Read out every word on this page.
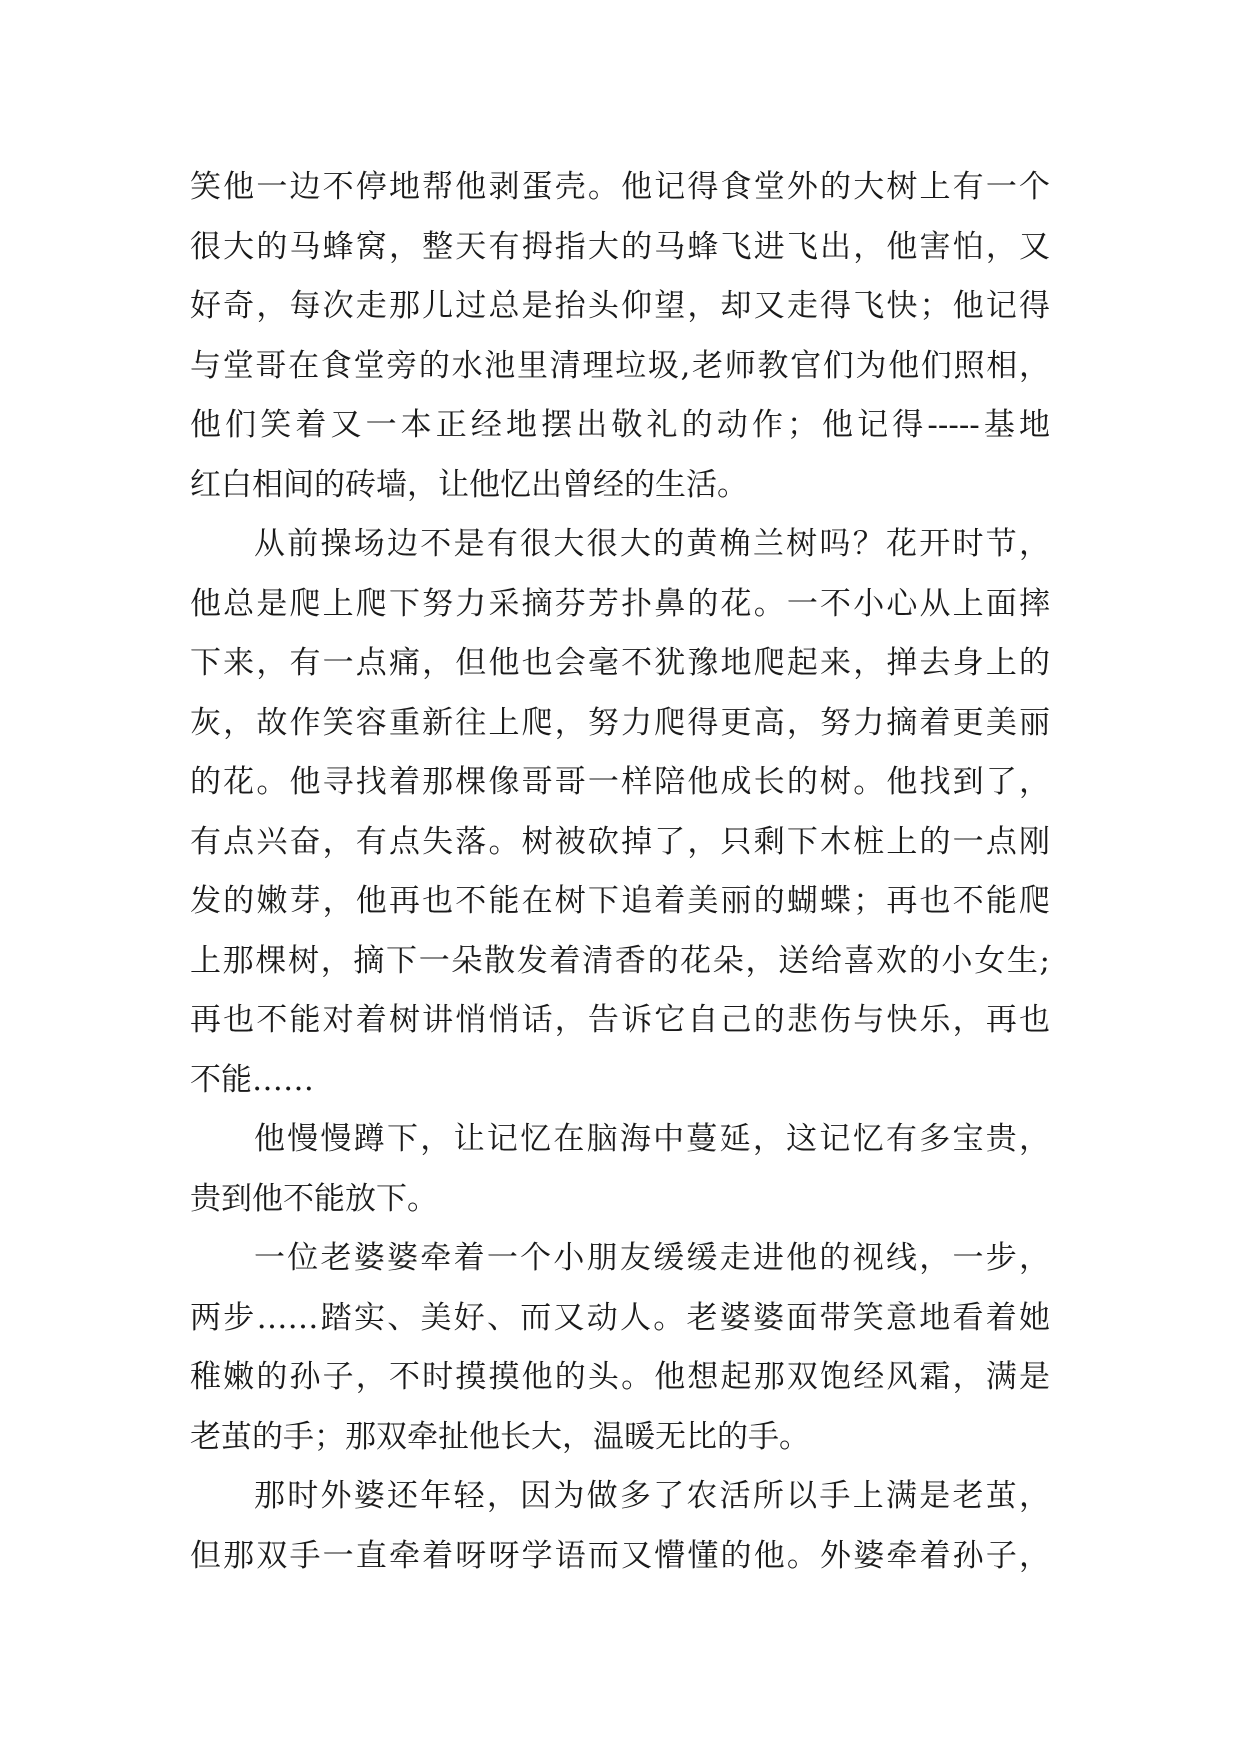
笑他一边不停地帮他剥蛋壳。他记得食堂外的大树上有一个
很大的马蜂窝，整天有拇指大的马蜂飞进飞出，他害怕，又
好奇，每次走那儿过总是抬头仰望，却又走得飞快；他记得
与堂哥在食堂旁的水池里清理垃圾,老师教官们为他们照相，
他们笑着又一本正经地摆出敬礼的动作；他记得-----基地
红白相间的砖墙，让他忆出曾经的生活。
从前操场边不是有很大很大的黄桷兰树吗？花开时节，
他总是爬上爬下努力采摘芬芳扑鼻的花。一不小心从上面摔
下来，有一点痛，但他也会毫不犹豫地爬起来，掸去身上的
灰，故作笑容重新往上爬，努力爬得更高，努力摘着更美丽
的花。他寻找着那棵像哥哥一样陪他成长的树。他找到了，
有点兴奋，有点失落。树被砍掉了，只剩下木桩上的一点刚
发的嫩芽，他再也不能在树下追着美丽的蝴蝶；再也不能爬
上那棵树，摘下一朵散发着清香的花朵，送给喜欢的小女生;
再也不能对着树讲悄悄话，告诉它自己的悲伤与快乐，再也
不能……
他慢慢蹲下，让记忆在脑海中蔓延，这记忆有多宝贵，
贵到他不能放下。
一位老婆婆牵着一个小朋友缓缓走进他的视线，一步，
两步……踏实、美好、而又动人。老婆婆面带笑意地看着她
稚嫩的孙子，不时摸摸他的头。他想起那双饱经风霜，满是
老茧的手；那双牵扯他长大，温暖无比的手。
那时外婆还年轻，因为做多了农活所以手上满是老茧，
但那双手一直牵着呀呀学语而又懵懂的他。外婆牵着孙子，
